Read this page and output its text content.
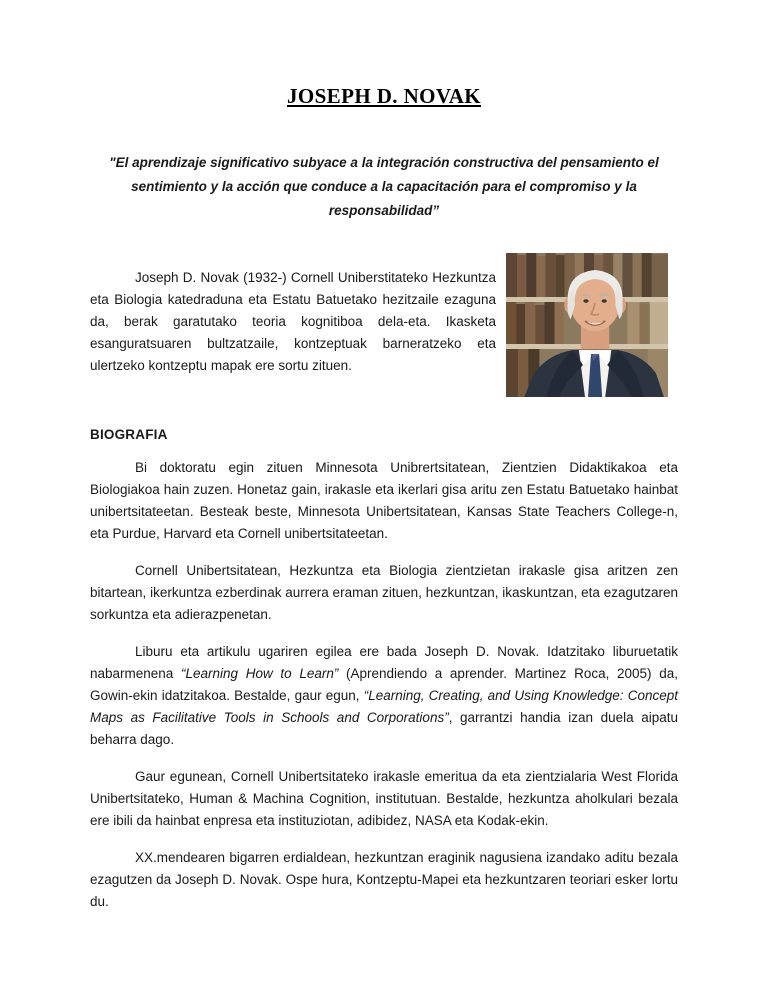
JOSEPH D. NOVAK

"El aprendizaje significativo subyace a la integración constructiva del pensamiento el sentimiento y la acción que conduce a la capacitación para el compromiso y la responsabilidad”

Joseph D. Novak (1932-) Cornell Uniberstitateko Hezkuntza eta Biologia katedraduna eta Estatu Batuetako hezitzaile ezaguna da, berak garatutako teoria kognitiboa dela-eta. Ikasketa esanguratsuaren bultzatzaile, kontzeptuak barneratzeko eta ulertzeko kontzeptu mapak ere sortu zituen.

BIOGRAFIA

Bi doktoratu egin zituen Minnesota Unibrertsitatean, Zientzien Didaktikakoa eta Biologiakoa hain zuzen. Honetaz gain, irakasle eta ikerlari gisa aritu zen Estatu Batuetako hainbat unibertsitateetan. Besteak beste, Minnesota Unibertsitatean, Kansas State Teachers College-n, eta Purdue, Harvard eta Cornell unibertsitateetan.

Cornell Unibertsitatean, Hezkuntza eta Biologia zientzietan irakasle gisa aritzen zen bitartean, ikerkuntza ezberdinak aurrera eraman zituen, hezkuntzan, ikaskuntzan, eta ezagutzaren sorkuntza eta adierazpenetan.

Liburu eta artikulu ugariren egilea ere bada Joseph D. Novak. Idatzitako liburuetatik nabarmenena “Learning How to Learn” (Aprendiendo a aprender. Martinez Roca, 2005) da, Gowin-ekin idatzitakoa. Bestalde, gaur egun, “Learning, Creating, and Using Knowledge: Concept Maps as Facilitative Tools in Schools and Corporations”, garrantzi handia izan duela aipatu beharra dago.

Gaur egunean, Cornell Unibertsitateko irakasle emeritua da eta zientzialaria West Florida Unibertsitateko, Human & Machina Cognition, institutuan. Bestalde, hezkuntza aholkulari bezala ere ibili da hainbat enpresa eta instituziotan, adibidez, NASA eta Kodak-ekin.

XX.mendearen bigarren erdialdean, hezkuntzan eraginik nagusiena izandako aditu bezala ezagutzen da Joseph D. Novak. Ospe hura, Kontzeptu-Mapei eta hezkuntzaren teoriari esker lortu du.
